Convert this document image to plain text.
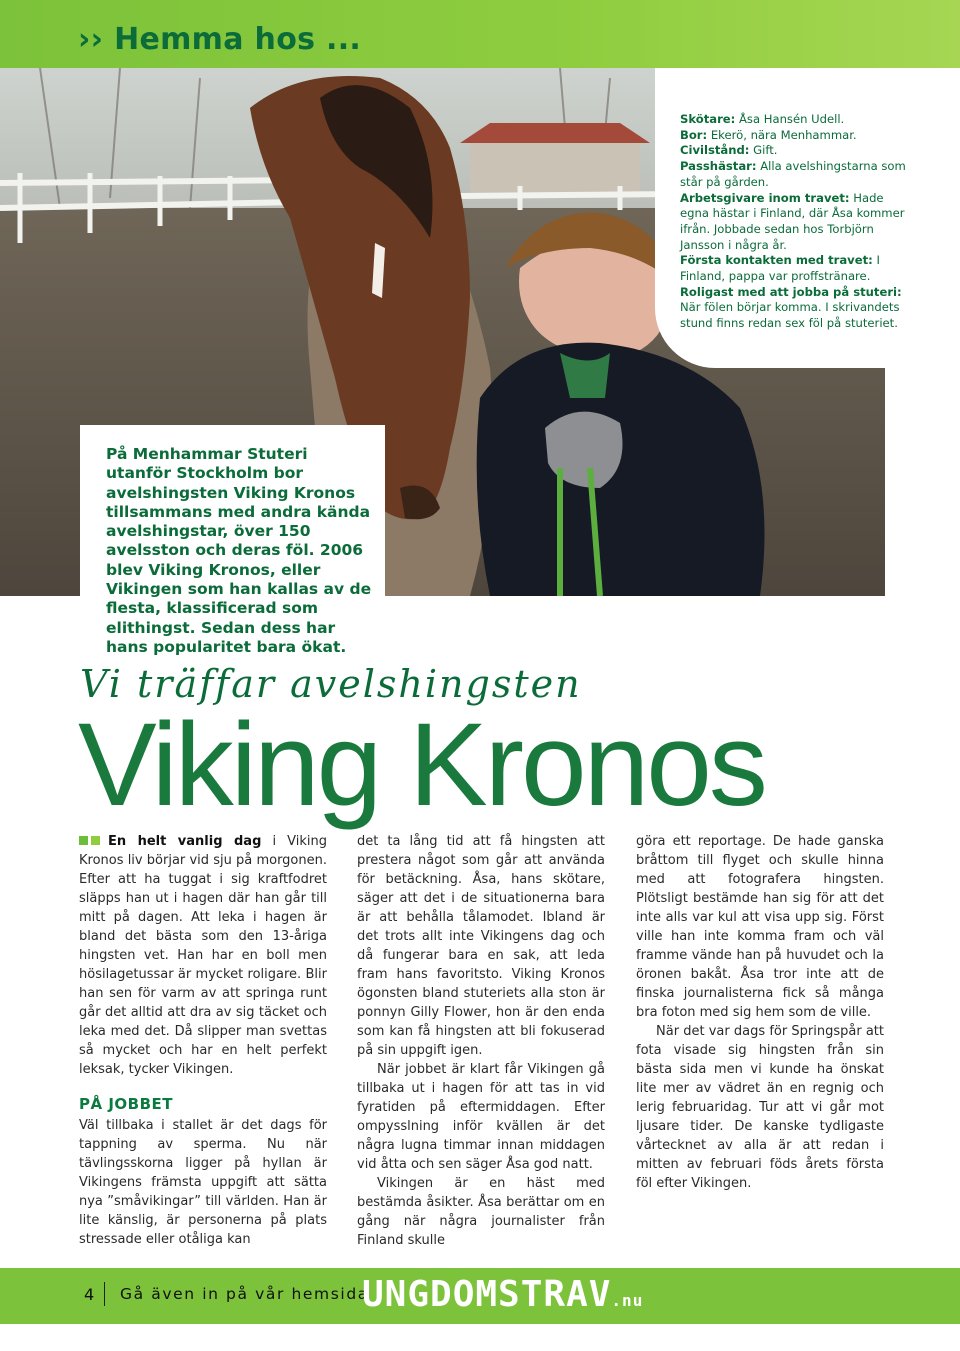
›› Hemma hos ...

Skötare: Åsa Hansén Udell.

Bor: Ekerö, nära Menhammar.

Civilstånd: Gift.

Passhästar: Alla avelshingstarna som står på gården.

Arbetsgivare inom travet: Hade egna hästar i Finland, där Åsa kommer ifrån. Jobbade sedan hos Torbjörn Jansson i några år.

Första kontakten med travet: I Finland, pappa var proffstränare.

Roligast med att jobba på stuteri: När fölen börjar komma. I skrivandets stund finns redan sex föl på stuteriet.

På Menhammar Stuteri utanför Stockholm bor avelshingsten Viking Kronos tillsammans med andra kända avelshingstar, över 150 avelsston och deras föl. 2006 blev Viking Kronos, eller Vikingen som han kallas av de flesta, klassificerad som elithingst. Sedan dess har hans popularitet bara ökat.
Vi träffar avelshingsten
Viking Kronos

En helt vanlig dag i Viking Kronos liv börjar vid sju på morgonen. Efter att ha tuggat i sig kraftfodret släpps han ut i hagen där han går till mitt på dagen. Att leka i hagen är bland det bästa som den 13-åriga hingsten vet. Han har en boll men hösilagetussar är mycket roligare. Blir han sen för varm av att springa runt går det alltid att dra av sig täcket och leka med det. Då slipper man svettas så mycket och har en helt perfekt leksak, tycker Vikingen.

PÅ JOBBET

Väl tillbaka i stallet är det dags för tappning av sperma. Nu när tävlingsskorna ligger på hyllan är Vikingens främsta uppgift att sätta nya ”småvikingar” till världen. Han är lite känslig, är personerna på plats stressade eller otåliga kan

det ta lång tid att få hingsten att prestera något som går att använda för betäckning. Åsa, hans skötare, säger att det i de situationerna bara är att behålla tålamodet. Ibland är det trots allt inte Vikingens dag och då fungerar bara en sak, att leda fram hans favoritsto. Viking Kronos ögonsten bland stuteriets alla ston är ponnyn Gilly Flower, hon är den enda som kan få hingsten att bli fokuserad på sin uppgift igen.

När jobbet är klart får Vikingen gå tillbaka ut i hagen för att tas in vid fyratiden på eftermiddagen. Efter ompysslning inför kvällen är det några lugna timmar innan middagen vid åtta och sen säger Åsa god natt.

Vikingen är en häst med bestämda åsikter. Åsa berättar om en gång när några journalister från Finland skulle

göra ett reportage. De hade ganska bråttom till flyget och skulle hinna med att fotografera hingsten. Plötsligt bestämde han sig för att det inte alls var kul att visa upp sig. Först ville han inte komma fram och väl framme vände han på huvudet och la öronen bakåt. Åsa tror inte att de finska journalisterna fick så många bra foton med sig hem som de ville.

När det var dags för Springspår att fota visade sig hingsten från sin bästa sida men vi kunde ha önskat lite mer av vädret än en regnig och lerig februaridag. Tur att vi går mot ljusare tider. De kanske tydligaste vårtecknet av alla är att redan i mitten av februari föds årets första föl efter Vikingen.

4 Gå även in på vår hemsida
UNGDOMSTRAV.nu
